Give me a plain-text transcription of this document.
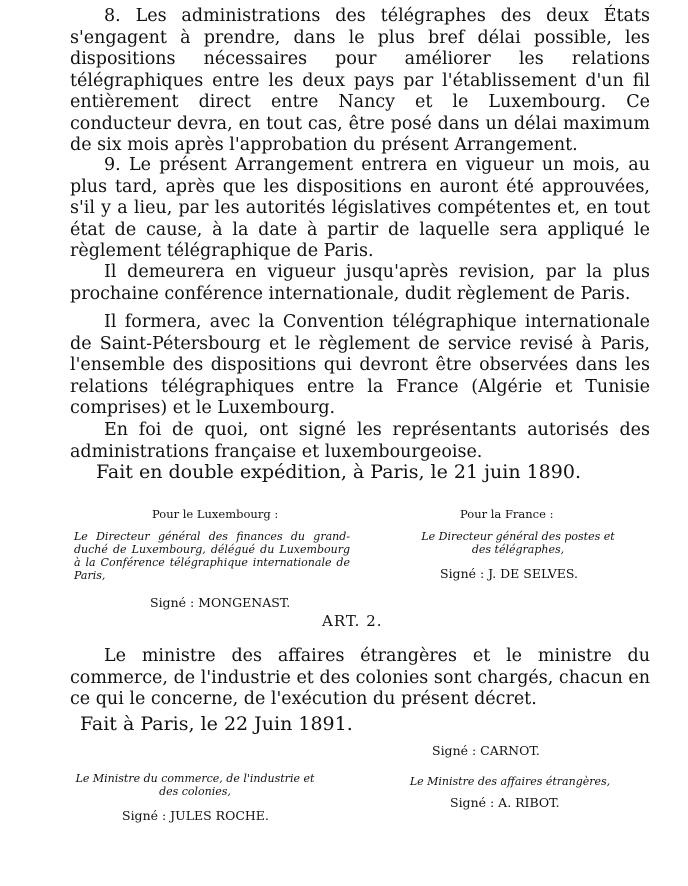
8. Les administrations des télégraphes des deux États s'engagent à prendre, dans le plus bref délai possible, les dispositions nécessaires pour améliorer les relations télégraphiques entre les deux pays par l'établissement d'un fil entièrement direct entre Nancy et le Luxembourg. Ce conducteur devra, en tout cas, être posé dans un délai maximum de six mois après l'approbation du présent Arrangement.

9. Le présent Arrangement entrera en vigueur un mois, au plus tard, après que les dispositions en auront été approuvées, s'il y a lieu, par les autorités législatives compétentes et, en tout état de cause, à la date à partir de laquelle sera appliqué le règlement télégraphique de Paris.

Il demeurera en vigueur jusqu'après revision, par la plus prochaine conférence internationale, dudit règlement de Paris.

Il formera, avec la Convention télégraphique internationale de Saint-Pétersbourg et le règlement de service revisé à Paris, l'ensemble des dispositions qui devront être observées dans les relations télégraphiques entre la France (Algérie et Tunisie comprises) et le Luxembourg.

En foi de quoi, ont signé les représentants autorisés des administrations française et luxembourgeoise.

Fait en double expédition, à Paris, le 21 juin 1890.

Pour le Luxembourg :

Le Directeur général des finances du grand-duché de Luxembourg, délégué du Luxembourg à la Conférence télégraphique internationale de Paris,

Signé : MONGENAST.

Pour la France :

Le Directeur général des postes et des télégraphes,

Signé : J. DE SELVES.

ART. 2.

Le ministre des affaires étrangères et le ministre du commerce, de l'industrie et des colonies sont chargés, chacun en ce qui le concerne, de l'exécution du présent décret.

Fait à Paris, le 22 Juin 1891.

Signé : CARNOT.

Le Ministre du commerce, de l'industrie et des colonies,

Signé : JULES ROCHE.

Le Ministre des affaires étrangères,

Signé : A. RIBOT.
